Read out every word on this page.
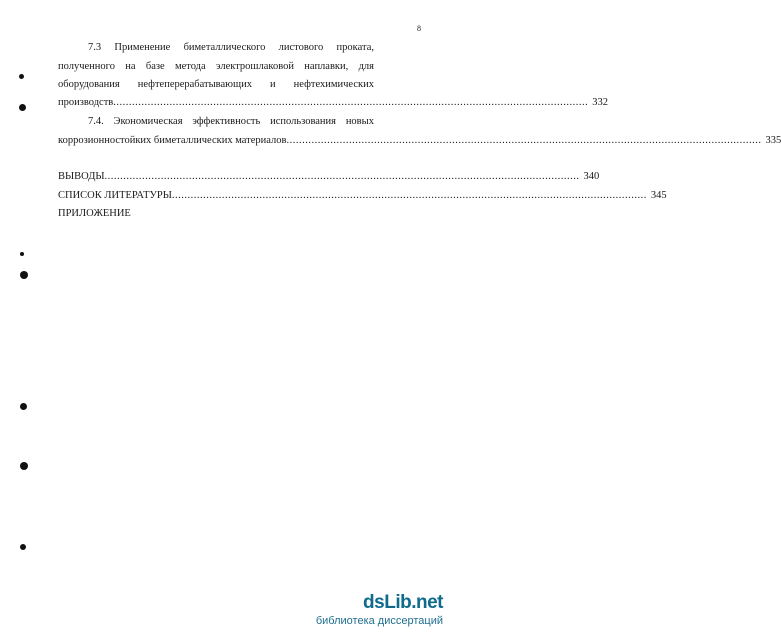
8
7.3 Применение биметаллического листового проката,
полученного на базе метода электрошлаковой наплавки, для
оборудования нефтеперерабатывающих и нефтехимических
производств ........................................................................................................................................................ 332
7.4. Экономическая эффективность использования новых
коррозионностойких биметаллических материалов ........................................................................................................................................................ 335
ВЫВОДЫ ........................................................................................................................................................ 340
СПИСОК ЛИТЕРАТУРЫ ........................................................................................................................................................ 345
ПРИЛОЖЕНИЕ
dsLib.net
библиотека диссертаций
